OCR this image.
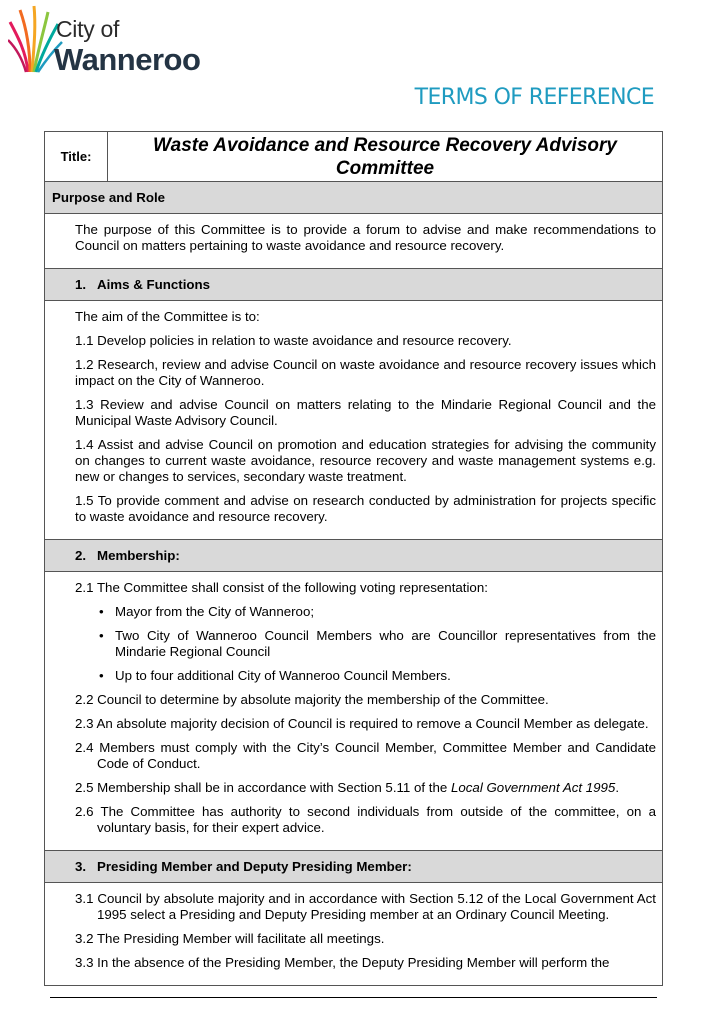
City of
Wanneroo
TERMS OF REFERENCE
Title:
Waste Avoidance and Resource Recovery Advisory Committee
Purpose and Role

The purpose of this Committee is to provide a forum to advise and make recommendations to Council on matters pertaining to waste avoidance and resource recovery.

1. Aims & Functions

The aim of the Committee is to:

1.1 Develop policies in relation to waste avoidance and resource recovery.

1.2 Research, review and advise Council on waste avoidance and resource recovery issues which impact on the City of Wanneroo.

1.3 Review and advise Council on matters relating to the Mindarie Regional Council and the Municipal Waste Advisory Council.

1.4 Assist and advise Council on promotion and education strategies for advising the community on changes to current waste avoidance, resource recovery and waste management systems e.g. new or changes to services, secondary waste treatment.

1.5 To provide comment and advise on research conducted by administration for projects specific to waste avoidance and resource recovery.

2. Membership:

2.1 The Committee shall consist of the following voting representation:

• Mayor from the City of Wanneroo;
• Two City of Wanneroo Council Members who are Councillor representatives from the Mindarie Regional Council
• Up to four additional City of Wanneroo Council Members.

2.2 Council to determine by absolute majority the membership of the Committee.

2.3 An absolute majority decision of Council is required to remove a Council Member as delegate.

2.4 Members must comply with the City’s Council Member, Committee Member and Candidate Code of Conduct.

2.5 Membership shall be in accordance with Section 5.11 of the Local Government Act 1995.

2.6 The Committee has authority to second individuals from outside of the committee, on a voluntary basis, for their expert advice.

3. Presiding Member and Deputy Presiding Member:

3.1 Council by absolute majority and in accordance with Section 5.12 of the Local Government Act 1995 select a Presiding and Deputy Presiding member at an Ordinary Council Meeting.

3.2 The Presiding Member will facilitate all meetings.

3.3 In the absence of the Presiding Member, the Deputy Presiding Member will perform the
